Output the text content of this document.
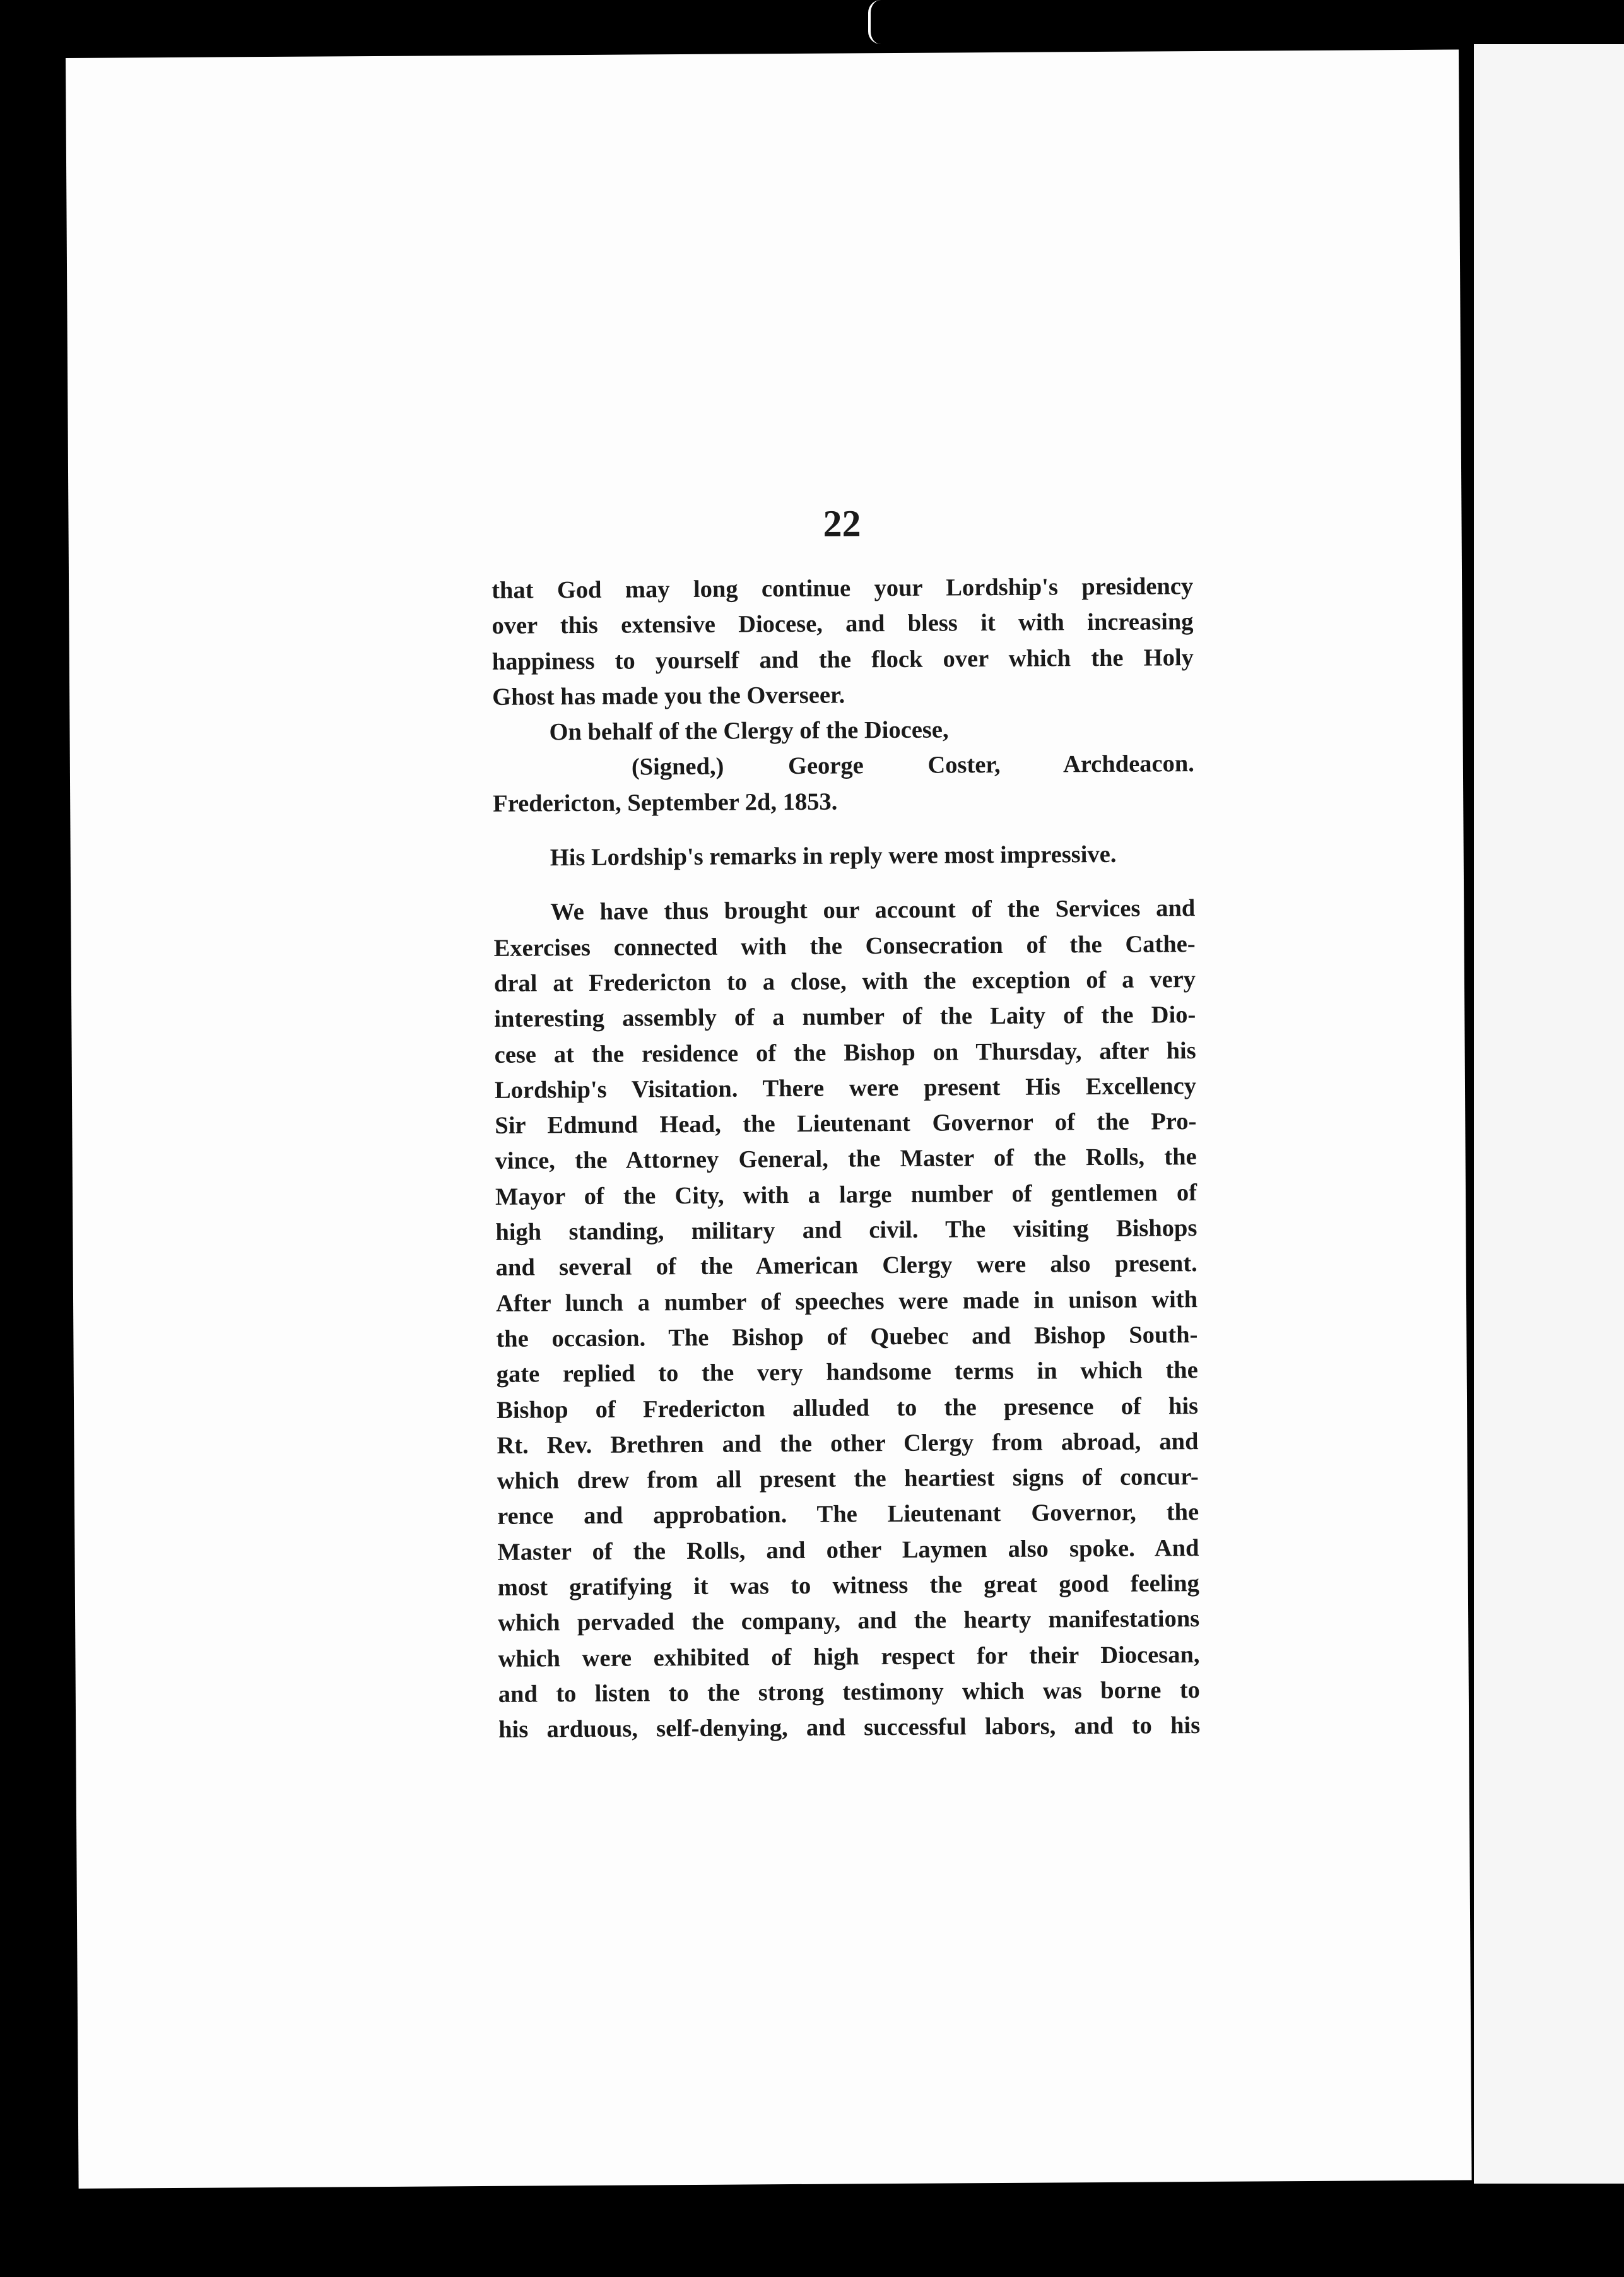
22
that God may long continue your Lordship's presidency
over this extensive Diocese, and bless it with increasing
happiness to yourself and the flock over which the Holy
Ghost has made you the Overseer.
On behalf of the Clergy of the Diocese,
(Signed,) George Coster, Archdeacon.
Fredericton, September 2d, 1853.
His Lordship's remarks in reply were most impressive.
We have thus brought our account of the Services and
Exercises connected with the Consecration of the Cathe-
dral at Fredericton to a close, with the exception of a very
interesting assembly of a number of the Laity of the Dio-
cese at the residence of the Bishop on Thursday, after his
Lordship's Visitation. There were present His Excellency
Sir Edmund Head, the Lieutenant Governor of the Pro-
vince, the Attorney General, the Master of the Rolls, the
Mayor of the City, with a large number of gentlemen of
high standing, military and civil. The visiting Bishops
and several of the American Clergy were also present.
After lunch a number of speeches were made in unison with
the occasion. The Bishop of Quebec and Bishop South-
gate replied to the very handsome terms in which the
Bishop of Fredericton alluded to the presence of his
Rt. Rev. Brethren and the other Clergy from abroad, and
which drew from all present the heartiest signs of concur-
rence and approbation. The Lieutenant Governor, the
Master of the Rolls, and other Laymen also spoke. And
most gratifying it was to witness the great good feeling
which pervaded the company, and the hearty manifestations
which were exhibited of high respect for their Diocesan,
and to listen to the strong testimony which was borne to
his arduous, self-denying, and successful labors, and to his
